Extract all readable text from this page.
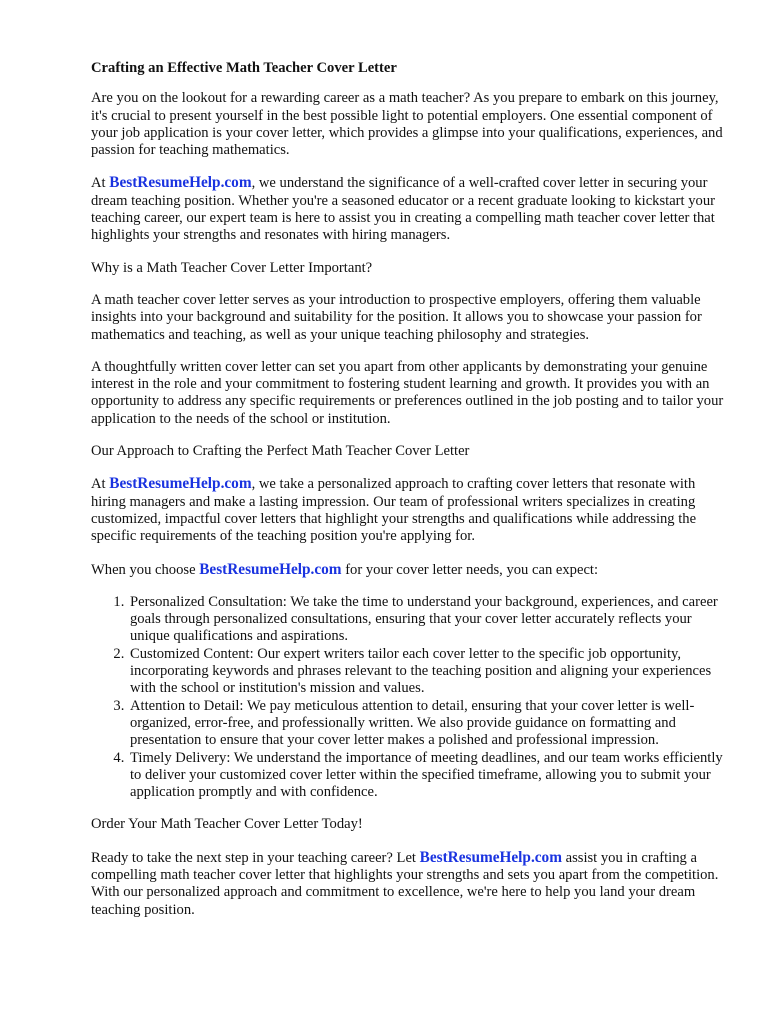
Crafting an Effective Math Teacher Cover Letter

Are you on the lookout for a rewarding career as a math teacher? As you prepare to embark on this journey, it's crucial to present yourself in the best possible light to potential employers. One essential component of your job application is your cover letter, which provides a glimpse into your qualifications, experiences, and passion for teaching mathematics.

At BestResumeHelp.com, we understand the significance of a well-crafted cover letter in securing your dream teaching position. Whether you're a seasoned educator or a recent graduate looking to kickstart your teaching career, our expert team is here to assist you in creating a compelling math teacher cover letter that highlights your strengths and resonates with hiring managers.

Why is a Math Teacher Cover Letter Important?

A math teacher cover letter serves as your introduction to prospective employers, offering them valuable insights into your background and suitability for the position. It allows you to showcase your passion for mathematics and teaching, as well as your unique teaching philosophy and strategies.

A thoughtfully written cover letter can set you apart from other applicants by demonstrating your genuine interest in the role and your commitment to fostering student learning and growth. It provides you with an opportunity to address any specific requirements or preferences outlined in the job posting and to tailor your application to the needs of the school or institution.

Our Approach to Crafting the Perfect Math Teacher Cover Letter

At BestResumeHelp.com, we take a personalized approach to crafting cover letters that resonate with hiring managers and make a lasting impression. Our team of professional writers specializes in creating customized, impactful cover letters that highlight your strengths and qualifications while addressing the specific requirements of the teaching position you're applying for.

When you choose BestResumeHelp.com for your cover letter needs, you can expect:

1. Personalized Consultation: We take the time to understand your background, experiences, and career goals through personalized consultations, ensuring that your cover letter accurately reflects your unique qualifications and aspirations.
2. Customized Content: Our expert writers tailor each cover letter to the specific job opportunity, incorporating keywords and phrases relevant to the teaching position and aligning your experiences with the school or institution's mission and values.
3. Attention to Detail: We pay meticulous attention to detail, ensuring that your cover letter is well-organized, error-free, and professionally written. We also provide guidance on formatting and presentation to ensure that your cover letter makes a polished and professional impression.
4. Timely Delivery: We understand the importance of meeting deadlines, and our team works efficiently to deliver your customized cover letter within the specified timeframe, allowing you to submit your application promptly and with confidence.

Order Your Math Teacher Cover Letter Today!

Ready to take the next step in your teaching career? Let BestResumeHelp.com assist you in crafting a compelling math teacher cover letter that highlights your strengths and sets you apart from the competition. With our personalized approach and commitment to excellence, we're here to help you land your dream teaching position.
